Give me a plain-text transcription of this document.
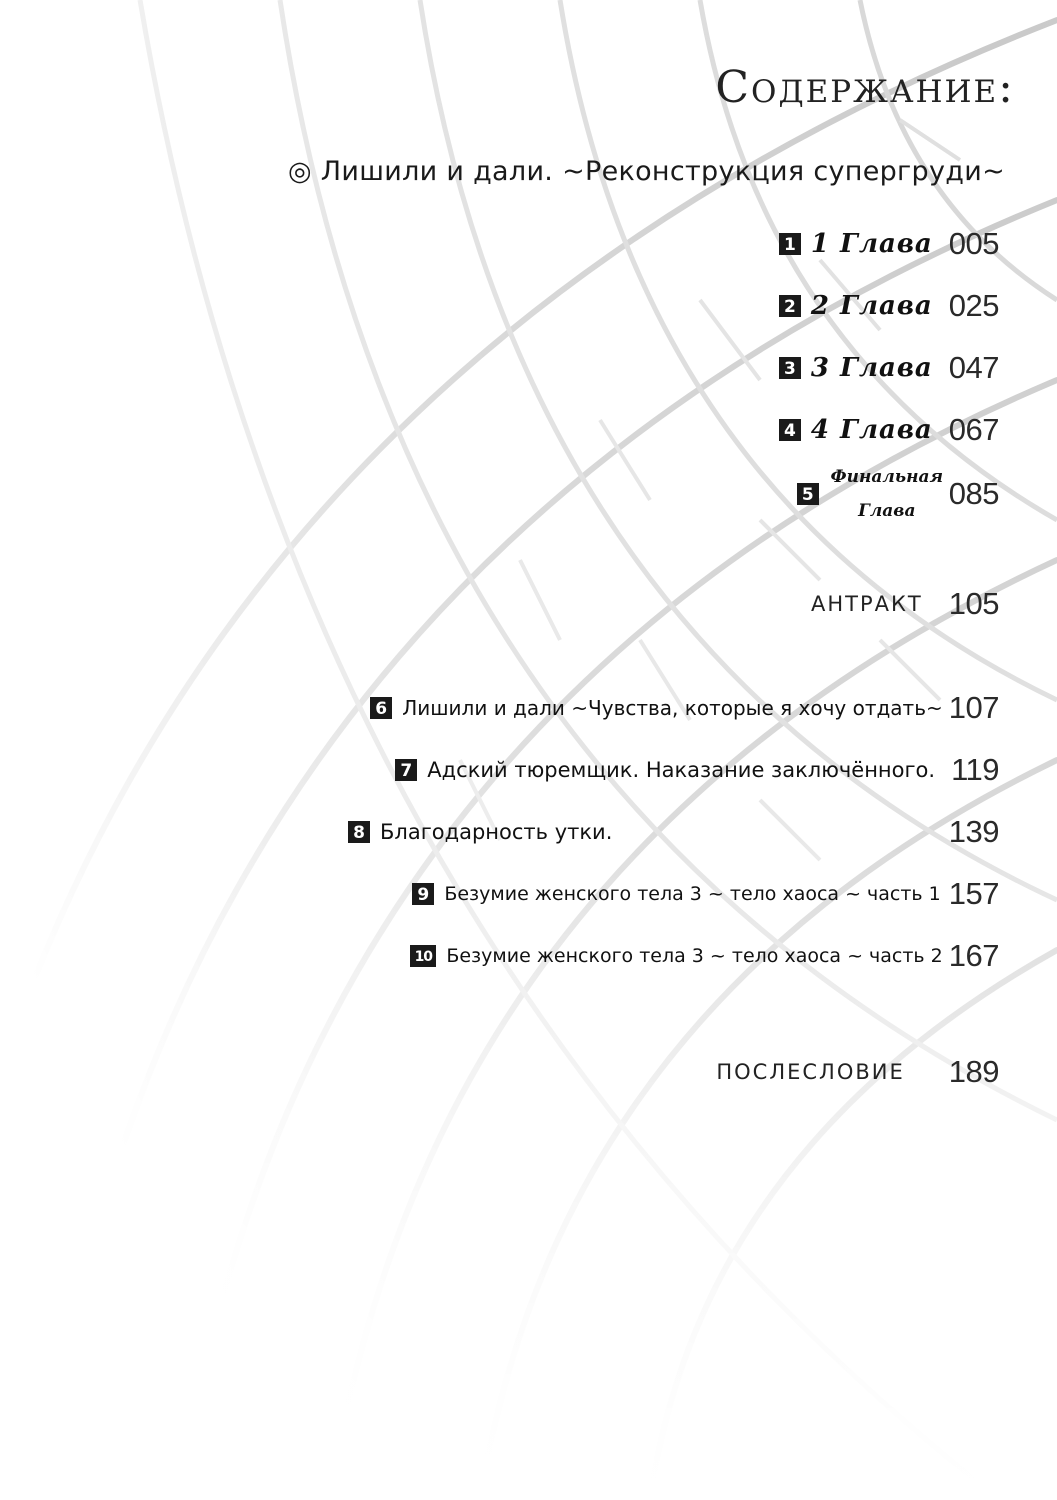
Содержание:
◎ Лишили и дали. ~Реконструкция супергруди~
1 1 Глава 005
2 2 Глава 025
3 3 Глава 047
4 4 Глава 067
5
Финальная
Глава	085
АНТРАКТ 105
6 Лишили и дали ~Чувства, которые я хочу отдать~ 107
7 Адский тюремщик. Наказание заключённого. 119
8 Благодарность утки.	139
9 Безумие женского тела 3 ~ тело хаоса ~ часть 1 157
10 Безумие женского тела 3 ~ тело хаоса ~ часть 2 167
ПОСЛЕСЛОВИЕ 189
